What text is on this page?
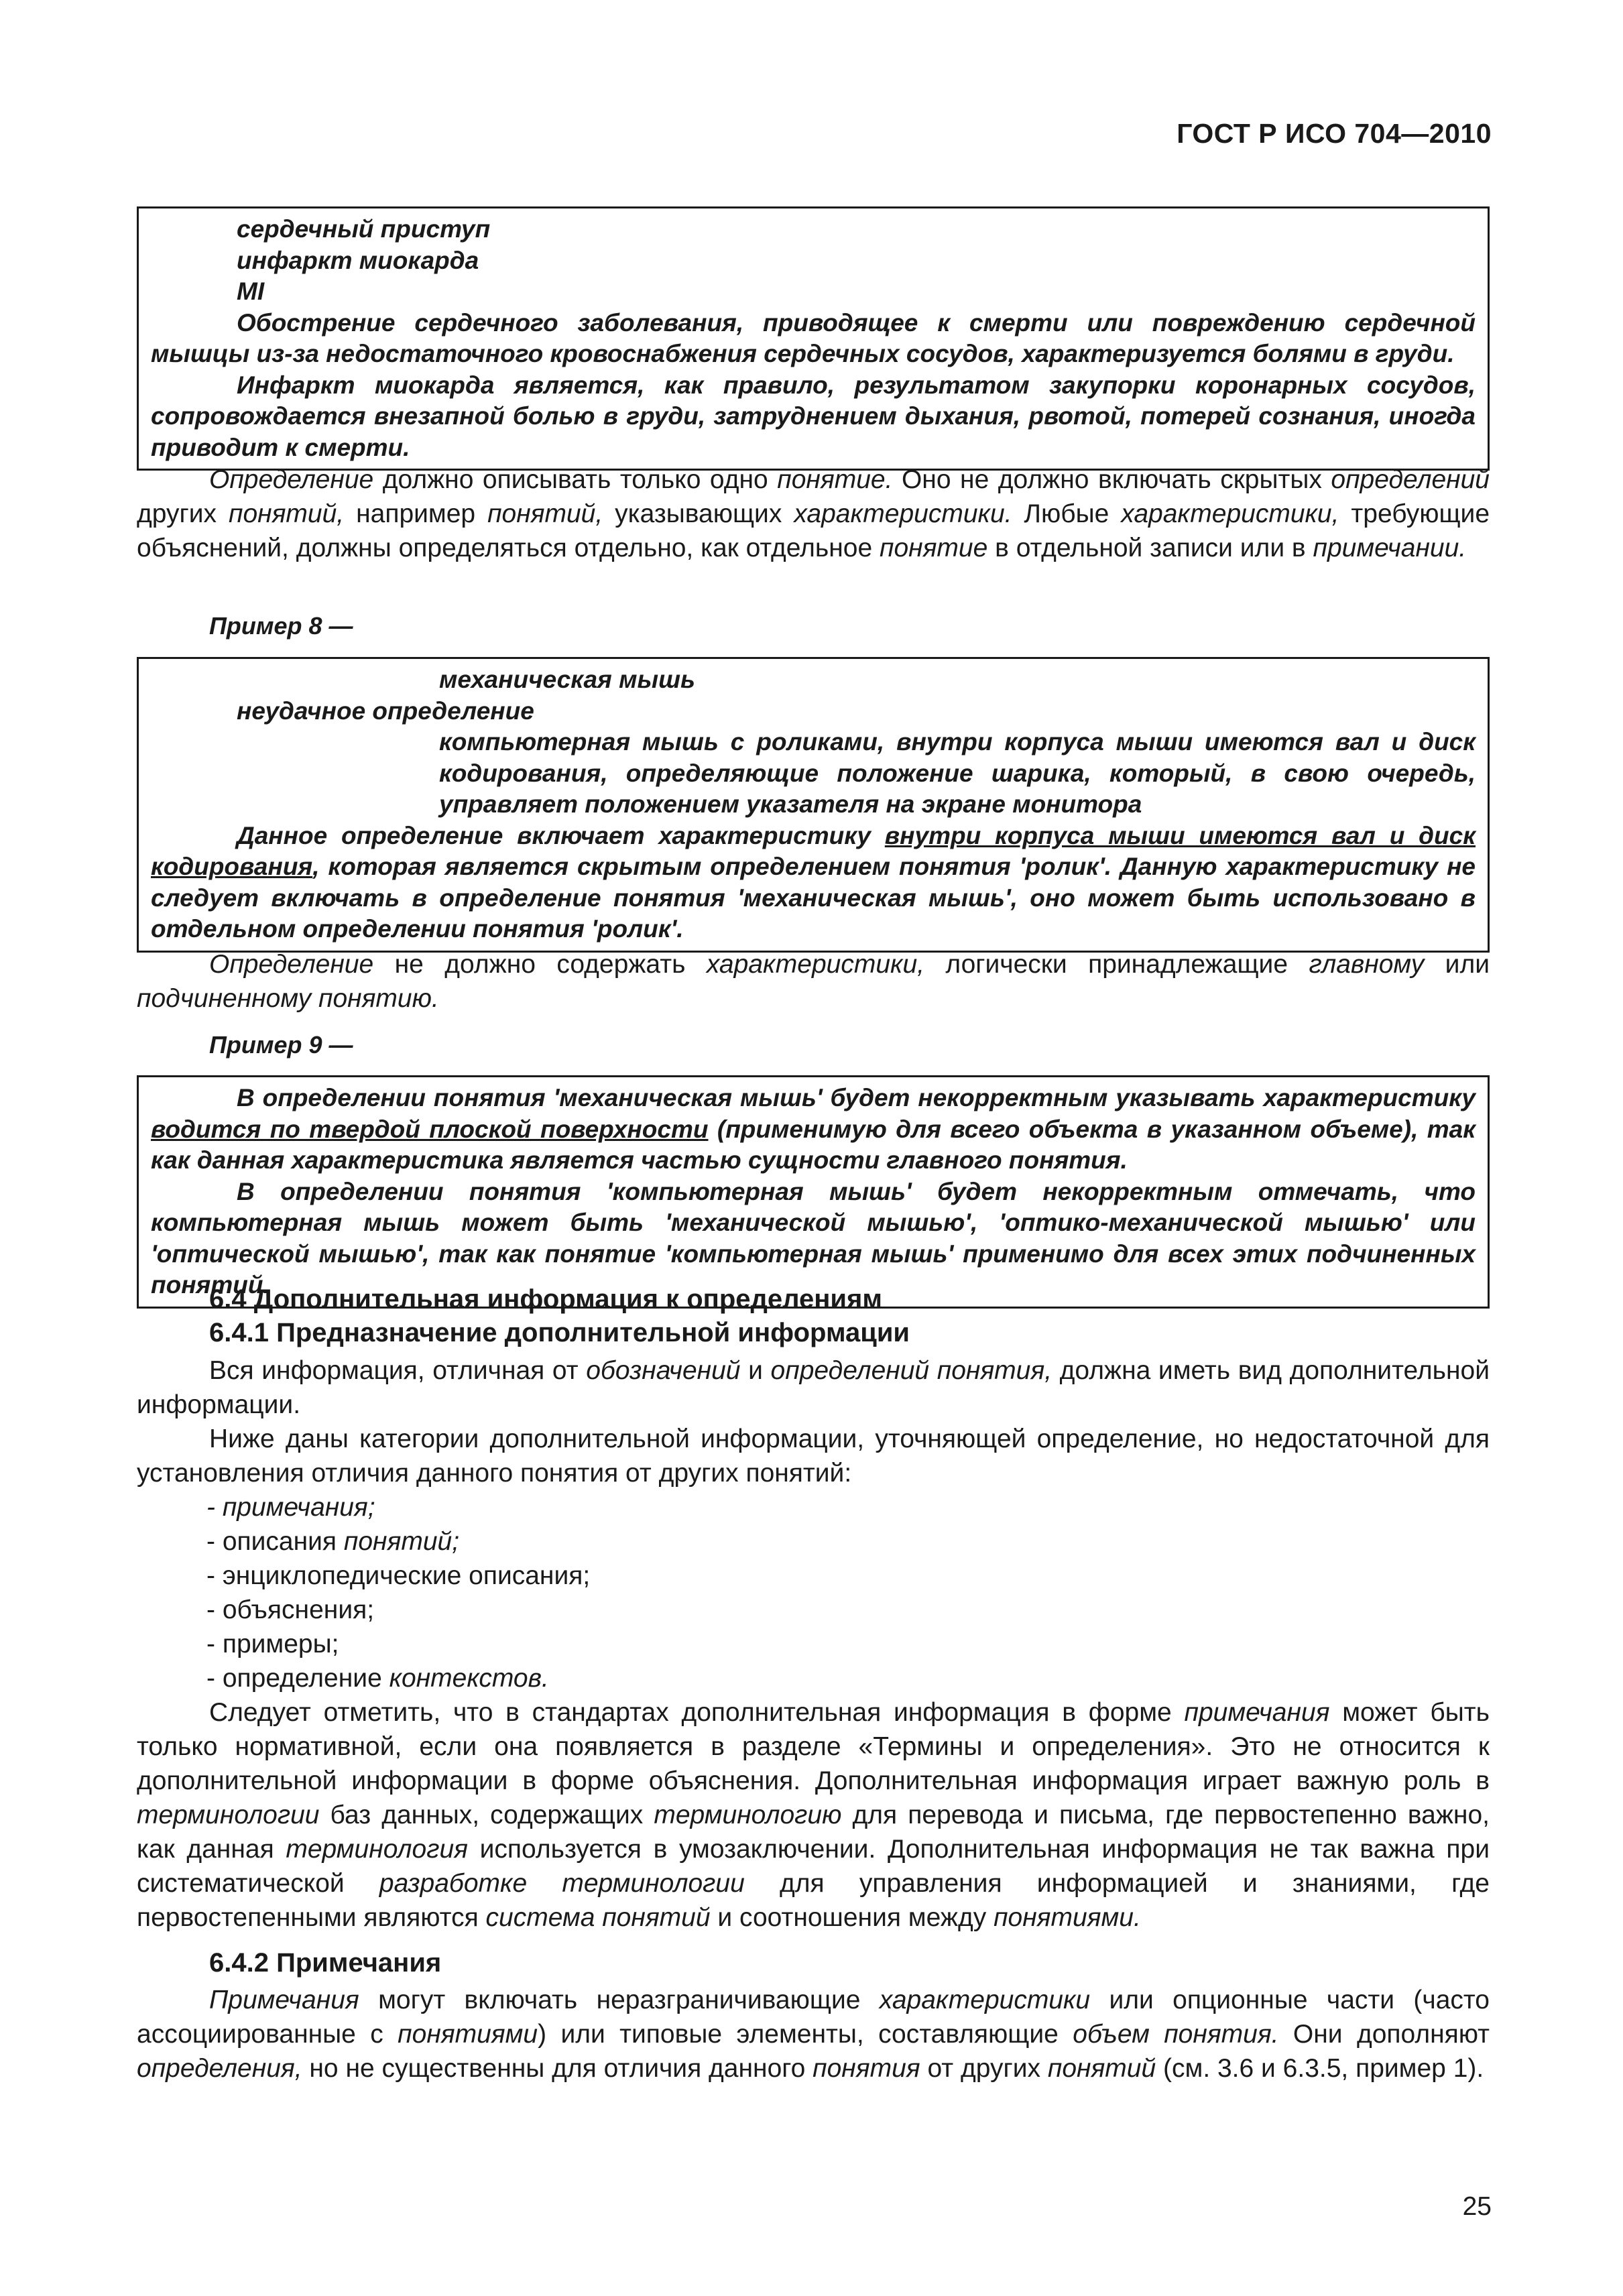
ГОСТ Р ИСО 704—2010

сердечный приступ

инфаркт миокарда

MI

Обострение сердечного заболевания, приводящее к смерти или повреждению сердечной мышцы из-за недостаточного кровоснабжения сердечных сосудов, характеризуется болями в груди.

Инфаркт миокарда является, как правило, результатом закупорки коронарных сосудов, сопровождается внезапной болью в груди, затруднением дыхания, рвотой, потерей сознания, иногда приводит к смерти.

Определение должно описывать только одно понятие. Оно не должно включать скрытых определений других понятий, например понятий, указывающих характеристики. Любые характеристики, требующие объяснений, должны определяться отдельно, как отдельное понятие в отдельной записи или в примечании.

Пример 8 —

механическая мышь

неудачное определение

компьютерная мышь с роликами, внутри корпуса мыши имеются вал и диск кодирования, определяющие положение шарика, который, в свою очередь, управляет положением указателя на экране монитора

Данное определение включает характеристику внутри корпуса мыши имеются вал и диск кодирования, которая является скрытым определением понятия 'ролик'. Данную характеристику не следует включать в определение понятия 'механическая мышь', оно может быть использовано в отдельном определении понятия 'ролик'.

Определение не должно содержать характеристики, логически принадлежащие главному или подчиненному понятию.

Пример 9 —

В определении понятия 'механическая мышь' будет некорректным указывать характеристику водится по твердой плоской поверхности (применимую для всего объекта в указанном объеме), так как данная характеристика является частью сущности главного понятия.

В определении понятия 'компьютерная мышь' будет некорректным отмечать, что компьютерная мышь может быть 'механической мышью', 'оптико-механической мышью' или 'оптической мышью', так как понятие 'компьютерная мышь' применимо для всех этих подчиненных понятий.

6.4 Дополнительная информация к определениям
6.4.1 Предназначение дополнительной информации

Вся информация, отличная от обозначений и определений понятия, должна иметь вид дополнительной информации.

Ниже даны категории дополнительной информации, уточняющей определение, но недостаточной для установления отличия данного понятия от других понятий:

- примечания;

- описания понятий;

- энциклопедические описания;

- объяснения;

- примеры;

- определение контекстов.

Следует отметить, что в стандартах дополнительная информация в форме примечания может быть только нормативной, если она появляется в разделе «Термины и определения». Это не относится к дополнительной информации в форме объяснения. Дополнительная информация играет важную роль в терминологии баз данных, содержащих терминологию для перевода и письма, где первостепенно важно, как данная терминология используется в умозаключении. Дополнительная информация не так важна при систематической разработке терминологии для управления информацией и знаниями, где первостепенными являются система понятий и соотношения между понятиями.

6.4.2 Примечания

Примечания могут включать неразграничивающие характеристики или опционные части (часто ассоциированные с понятиями) или типовые элементы, составляющие объем понятия. Они дополняют определения, но не существенны для отличия данного понятия от других понятий (см. 3.6 и 6.3.5, пример 1).

25
